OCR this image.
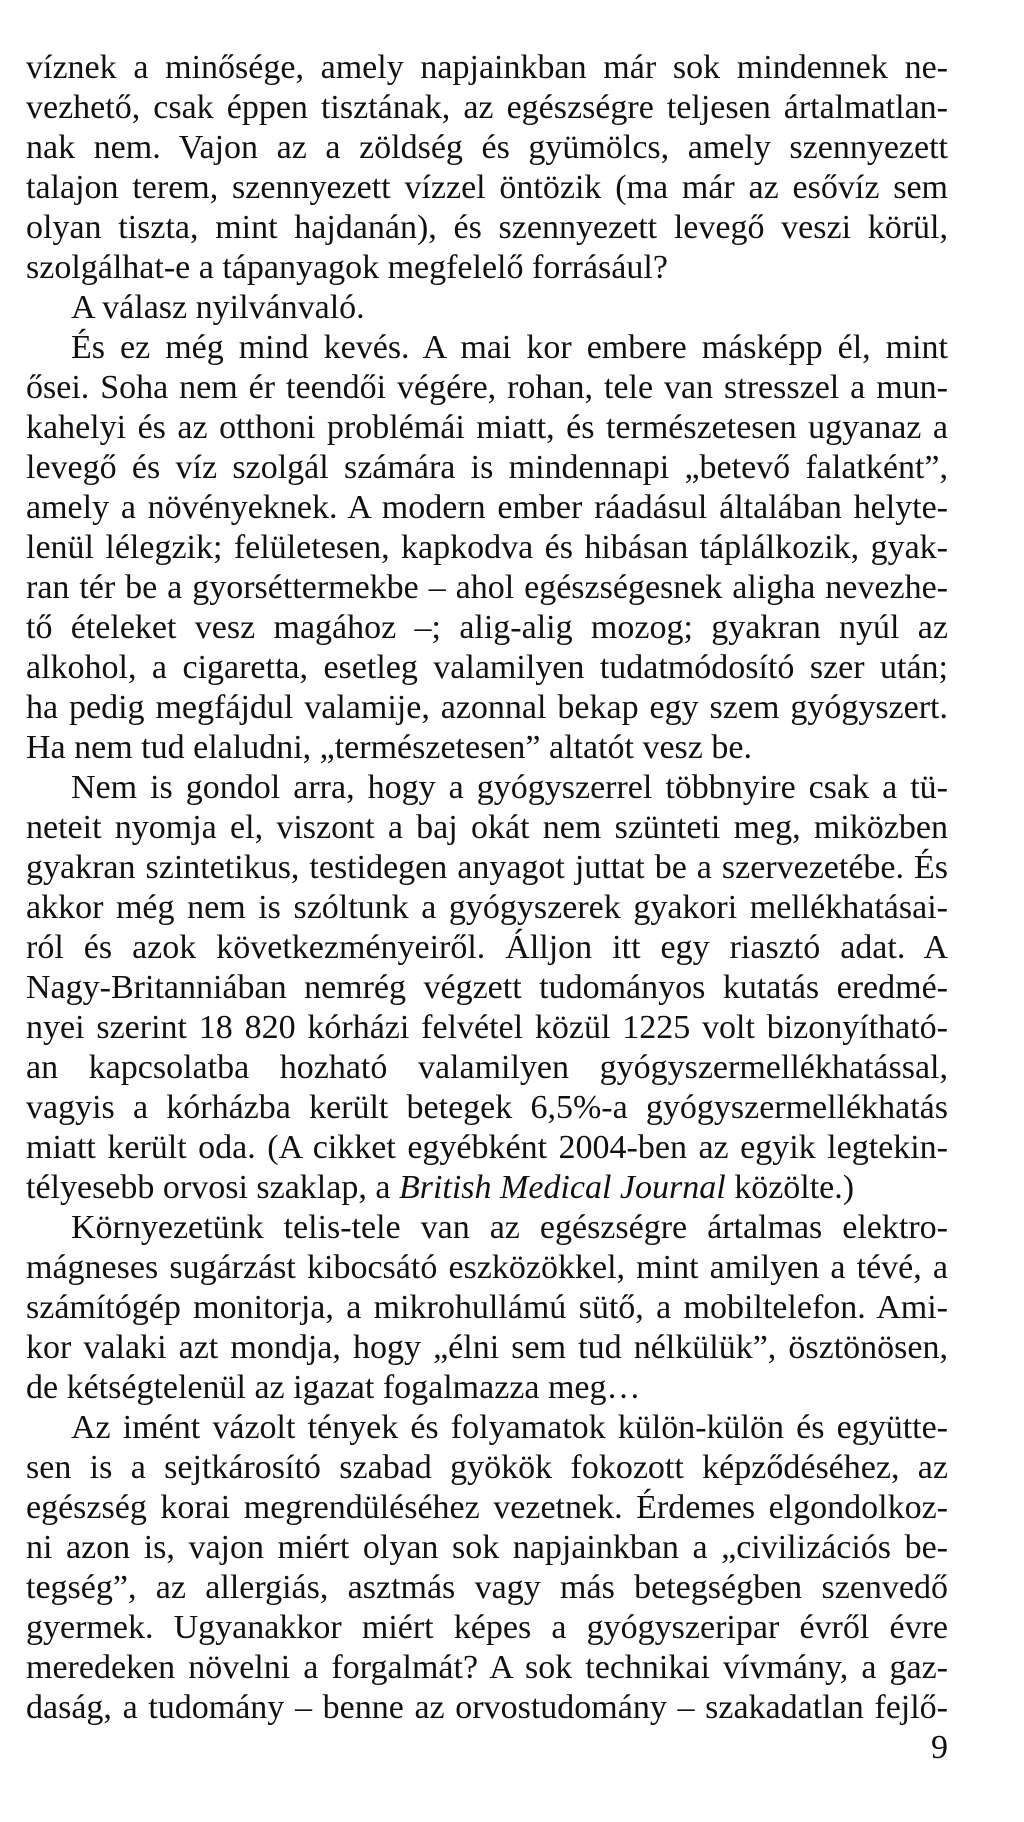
víznek a minősége, amely napjainkban már sok mindennek ne-
vezhető, csak éppen tisztának, az egészségre teljesen ártalmatlan-
nak nem. Vajon az a zöldség és gyümölcs, amely szennyezett
talajon terem, szennyezett vízzel öntözik (ma már az esővíz sem
olyan tiszta, mint hajdanán), és szennyezett levegő veszi körül,
szolgálhat-e a tápanyagok megfelelő forrásául?
A válasz nyilvánvaló.
És ez még mind kevés. A mai kor embere másképp él, mint
ősei. Soha nem ér teendői végére, rohan, tele van stresszel a mun-
kahelyi és az otthoni problémái miatt, és természetesen ugyanaz a
levegő és víz szolgál számára is mindennapi „betevő falatként”,
amely a növényeknek. A modern ember ráadásul általában helyte-
lenül lélegzik; felületesen, kapkodva és hibásan táplálkozik, gyak-
ran tér be a gyorséttermekbe – ahol egészségesnek aligha nevezhe-
tő ételeket vesz magához –; alig-alig mozog; gyakran nyúl az
alkohol, a cigaretta, esetleg valamilyen tudatmódosító szer után;
ha pedig megfájdul valamije, azonnal bekap egy szem gyógyszert.
Ha nem tud elaludni, „természetesen” altatót vesz be.
Nem is gondol arra, hogy a gyógyszerrel többnyire csak a tü-
neteit nyomja el, viszont a baj okát nem szünteti meg, miközben
gyakran szintetikus, testidegen anyagot juttat be a szervezetébe. És
akkor még nem is szóltunk a gyógyszerek gyakori mellékhatásai-
ról és azok következményeiről. Álljon itt egy riasztó adat. A
Nagy-Britanniában nemrég végzett tudományos kutatás eredmé-
nyei szerint 18 820 kórházi felvétel közül 1225 volt bizonyítható-
an kapcsolatba hozható valamilyen gyógyszermellékhatással,
vagyis a kórházba került betegek 6,5%-a gyógyszermellékhatás
miatt került oda. (A cikket egyébként 2004-ben az egyik legtekin-
télyesebb orvosi szaklap, a British Medical Journal közölte.)
Környezetünk telis-tele van az egészségre ártalmas elektro-
mágneses sugárzást kibocsátó eszközökkel, mint amilyen a tévé, a
számítógép monitorja, a mikrohullámú sütő, a mobiltelefon. Ami-
kor valaki azt mondja, hogy „élni sem tud nélkülük”, ösztönösen,
de kétségtelenül az igazat fogalmazza meg…
Az imént vázolt tények és folyamatok külön-külön és együtte-
sen is a sejtkárosító szabad gyökök fokozott képződéséhez, az
egészség korai megrendüléséhez vezetnek. Érdemes elgondolkoz-
ni azon is, vajon miért olyan sok napjainkban a „civilizációs be-
tegség”, az allergiás, asztmás vagy más betegségben szenvedő
gyermek. Ugyanakkor miért képes a gyógyszeripar évről évre
meredeken növelni a forgalmát? A sok technikai vívmány, a gaz-
daság, a tudomány – benne az orvostudomány – szakadatlan fejlő-
9
